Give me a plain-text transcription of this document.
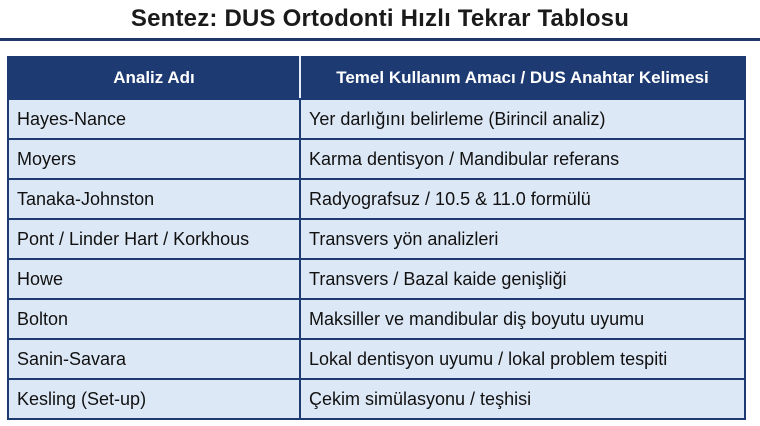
Sentez: DUS Ortodonti Hızlı Tekrar Tablosu
Analiz Adı	Temel Kullanım Amacı / DUS Anahtar Kelimesi
Hayes-Nance	Yer darlığını belirleme (Birincil analiz)
Moyers	Karma dentisyon / Mandibular referans
Tanaka-Johnston	Radyografsuz / 10.5 & 11.0 formülü
Pont / Linder Hart / Korkhous	Transvers yön analizleri
Howe	Transvers / Bazal kaide genişliği
Bolton	Maksiller ve mandibular diş boyutu uyumu
Sanin-Savara	Lokal dentisyon uyumu / lokal problem tespiti
Kesling (Set-up)	Çekim simülasyonu / teşhisi
